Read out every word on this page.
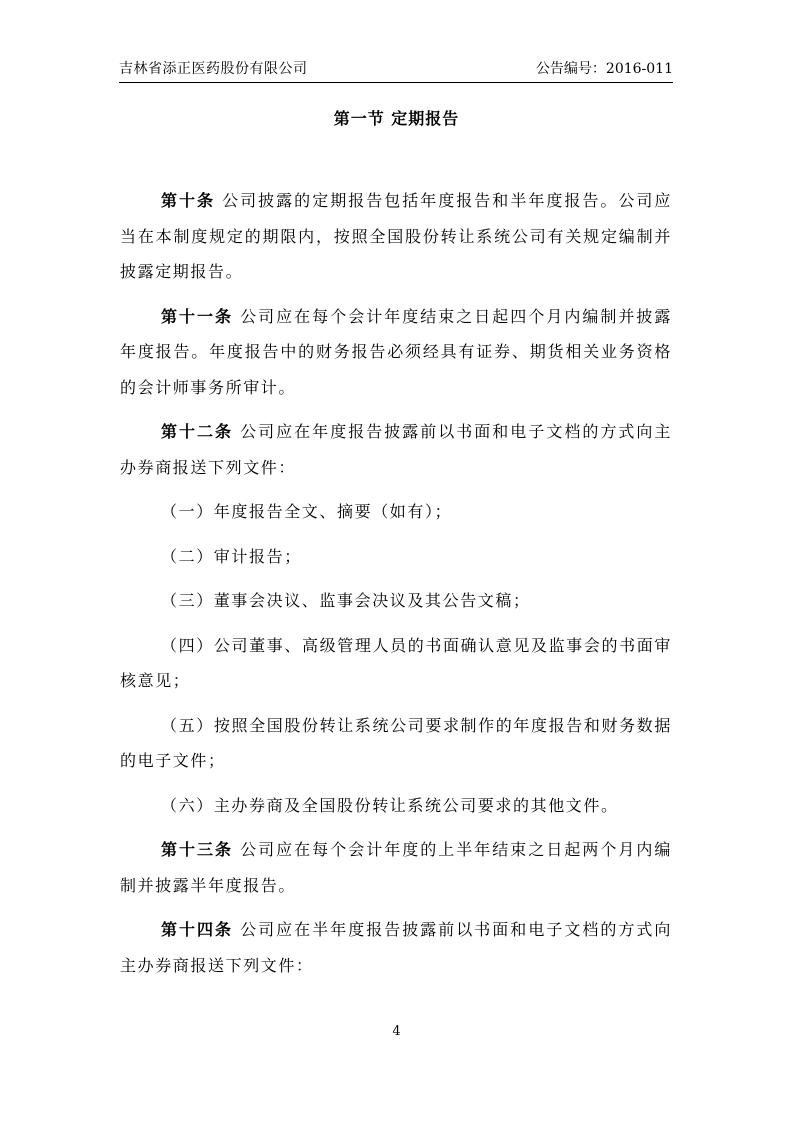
吉林省添正医药股份有限公司	公告编号：2016-011
第一节 定期报告

第十条 公司披露的定期报告包括年度报告和半年度报告。公司应当在本制度规定的期限内，按照全国股份转让系统公司有关规定编制并披露定期报告。

第十一条 公司应在每个会计年度结束之日起四个月内编制并披露年度报告。年度报告中的财务报告必须经具有证券、期货相关业务资格的会计师事务所审计。

第十二条 公司应在年度报告披露前以书面和电子文档的方式向主办券商报送下列文件：

（一）年度报告全文、摘要（如有）；

（二）审计报告；

（三）董事会决议、监事会决议及其公告文稿；

（四）公司董事、高级管理人员的书面确认意见及监事会的书面审核意见；

（五）按照全国股份转让系统公司要求制作的年度报告和财务数据的电子文件；

（六）主办券商及全国股份转让系统公司要求的其他文件。

第十三条 公司应在每个会计年度的上半年结束之日起两个月内编制并披露半年度报告。

第十四条 公司应在半年度报告披露前以书面和电子文档的方式向主办券商报送下列文件：

4
